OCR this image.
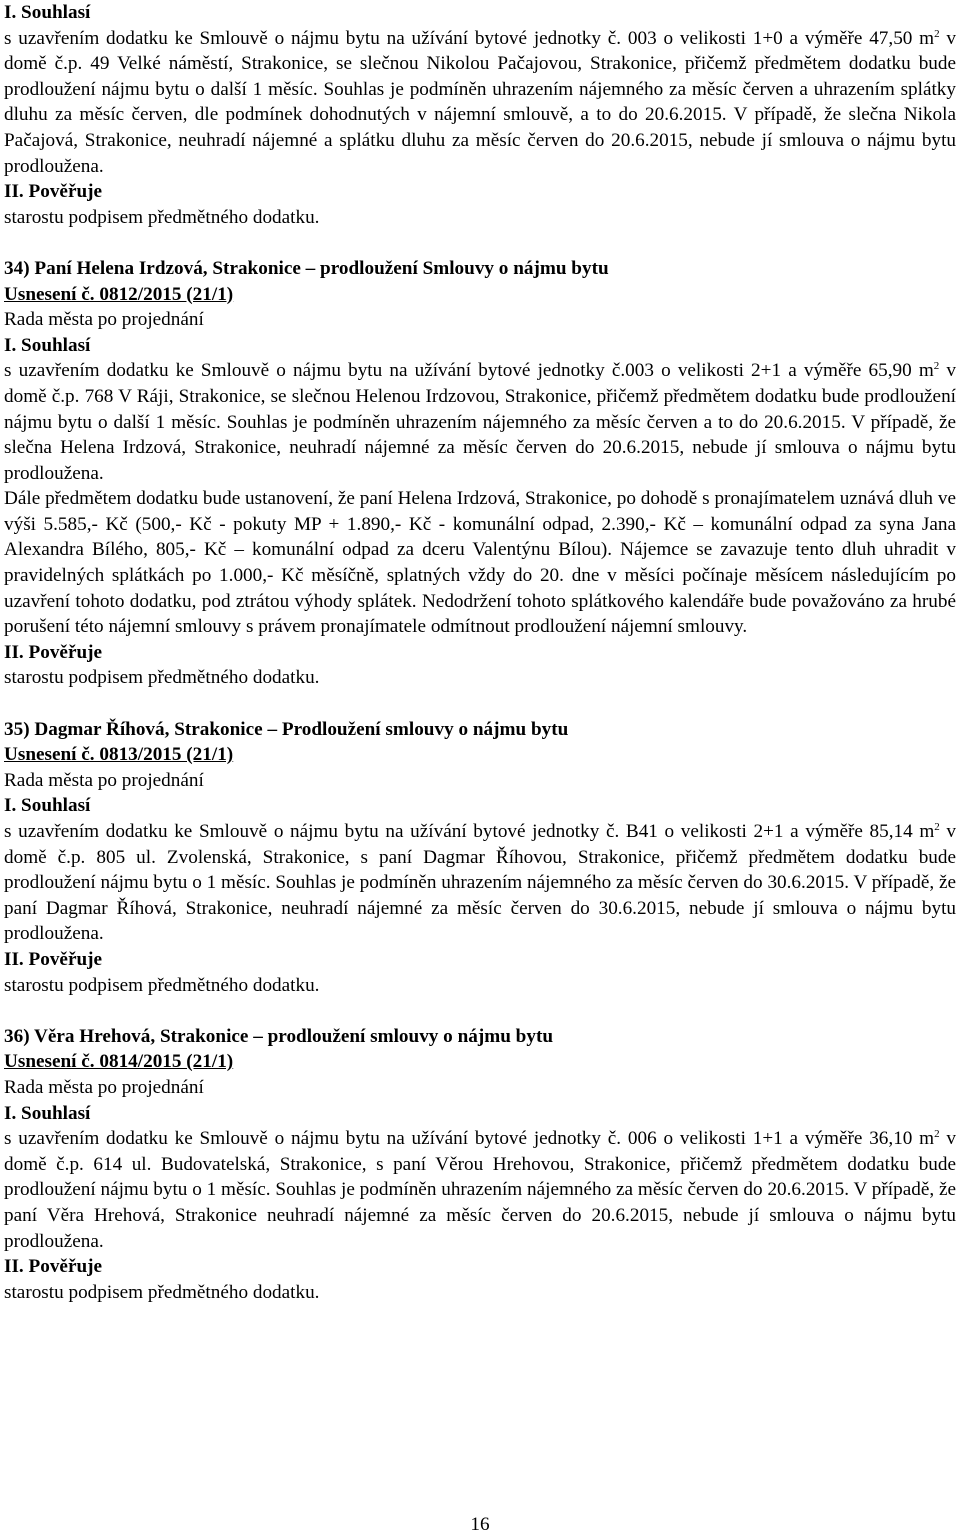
I. Souhlasí
s uzavřením dodatku ke Smlouvě o nájmu bytu na užívání bytové jednotky č. 003 o velikosti 1+0 a výměře 47,50 $m^2$ v domě č.p. 49 Velké náměstí, Strakonice, se slečnou Nikolou Pačajovou, Strakonice, přičemž předmětem dodatku bude prodloužení nájmu bytu o další 1 měsíc. Souhlas je podmíněn uhrazením nájemného za měsíc červen a uhrazením splátky dluhu za měsíc červen, dle podmínek dohodnutých v nájemní smlouvě, a to do 20.6.2015. V případě, že slečna Nikola Pačajová, Strakonice, neuhradí nájemné a splátku dluhu za měsíc červen do 20.6.2015, nebude jí smlouva o nájmu bytu prodloužena.
II. Pověřuje
starostu podpisem předmětného dodatku.
34) Paní Helena Irdzová, Strakonice – prodloužení Smlouvy o nájmu bytu
Usnesení č. 0812/2015 (21/1)
Rada města po projednání
I. Souhlasí
s uzavřením dodatku ke Smlouvě o nájmu bytu na užívání bytové jednotky č.003 o velikosti 2+1 a výměře 65,90 $m^2$ v domě č.p. 768 V Ráji, Strakonice, se slečnou Helenou Irdzovou, Strakonice, přičemž předmětem dodatku bude prodloužení nájmu bytu o další 1 měsíc. Souhlas je podmíněn uhrazením nájemného za měsíc červen a to do 20.6.2015. V případě, že slečna Helena Irdzová, Strakonice, neuhradí nájemné za měsíc červen do 20.6.2015, nebude jí smlouva o nájmu bytu prodloužena.
Dále předmětem dodatku bude ustanovení, že paní Helena Irdzová, Strakonice, po dohodě s pronajímatelem uznává dluh ve výši 5.585,- Kč (500,- Kč - pokuty MP + 1.890,- Kč - komunální odpad, 2.390,- Kč – komunální odpad za syna Jana Alexandra Bílého, 805,- Kč – komunální odpad za dceru Valentýnu Bílou). Nájemce se zavazuje tento dluh uhradit v pravidelných splátkách po 1.000,- Kč měsíčně, splatných vždy do 20. dne v měsíci počínaje měsícem následujícím po uzavření tohoto dodatku, pod ztrátou výhody splátek. Nedodržení tohoto splátkového kalendáře bude považováno za hrubé porušení této nájemní smlouvy s právem pronajímatele odmítnout prodloužení nájemní smlouvy.
II. Pověřuje
starostu podpisem předmětného dodatku.
35) Dagmar Říhová, Strakonice – Prodloužení smlouvy o nájmu bytu
Usnesení č. 0813/2015 (21/1)
Rada města po projednání
I. Souhlasí
s uzavřením dodatku ke Smlouvě o nájmu bytu na užívání bytové jednotky č. B41 o velikosti 2+1 a výměře 85,14 $m^2$ v domě č.p. 805 ul. Zvolenská, Strakonice, s paní Dagmar Říhovou, Strakonice, přičemž předmětem dodatku bude prodloužení nájmu bytu o 1 měsíc. Souhlas je podmíněn uhrazením nájemného za měsíc červen do 30.6.2015. V případě, že paní Dagmar Říhová, Strakonice, neuhradí nájemné za měsíc červen do 30.6.2015, nebude jí smlouva o nájmu bytu prodloužena.
II. Pověřuje
starostu podpisem předmětného dodatku.
36) Věra Hrehová, Strakonice – prodloužení smlouvy o nájmu bytu
Usnesení č. 0814/2015 (21/1)
Rada města po projednání
I. Souhlasí
s uzavřením dodatku ke Smlouvě o nájmu bytu na užívání bytové jednotky č. 006 o velikosti 1+1 a výměře 36,10 $m^2$ v domě č.p. 614 ul. Budovatelská, Strakonice, s paní Věrou Hrehovou, Strakonice, přičemž předmětem dodatku bude prodloužení nájmu bytu o 1 měsíc. Souhlas je podmíněn uhrazením nájemného za měsíc červen do 20.6.2015. V případě, že paní Věra Hrehová, Strakonice neuhradí nájemné za měsíc červen do 20.6.2015, nebude jí smlouva o nájmu bytu prodloužena.
II. Pověřuje
starostu podpisem předmětného dodatku.
16
